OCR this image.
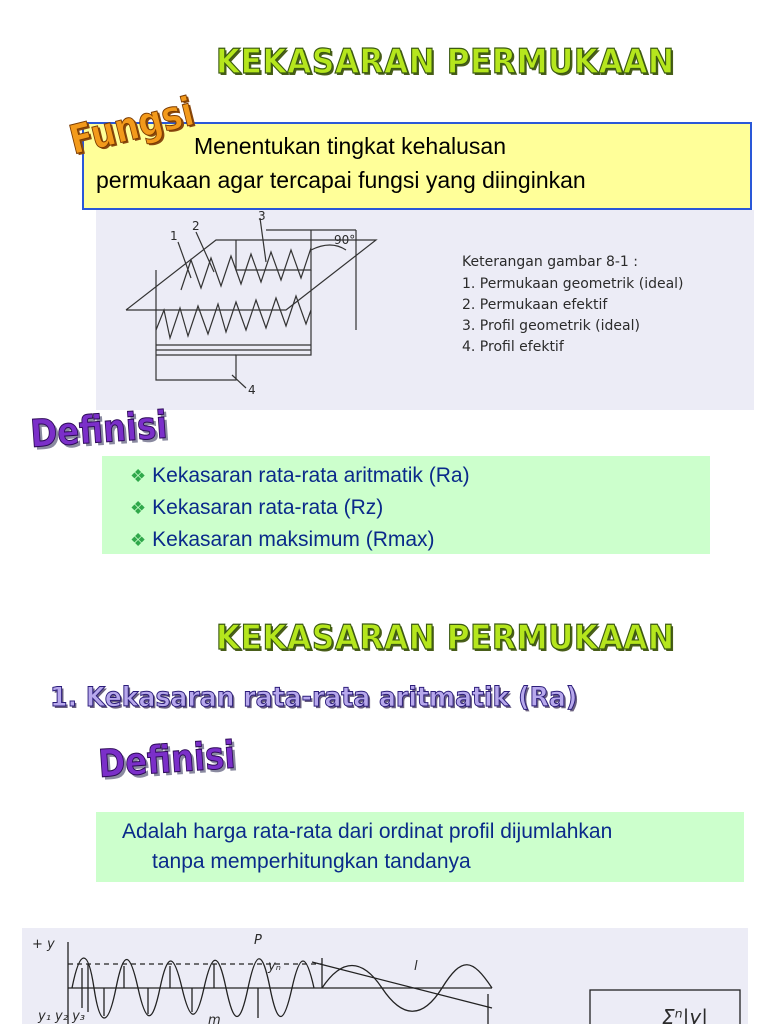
KEKASARAN PERMUKAAN
Menentukan tingkat kehalusan
permukaan agar tercapai fungsi yang diinginkan
Fungsi
1
2
3
4
90°
Keterangan gambar 8-1 :
1. Permukaan geometrik (ideal)
2. Permukaan efektif
3. Profil geometrik (ideal)
4. Profil efektif
Definisi
❖ Kekasaran rata-rata aritmatik (Ra)
❖ Kekasaran rata-rata (Rz)
❖ Kekasaran maksimum (Rmax)
KEKASARAN PERMUKAAN
1. Kekasaran rata-rata aritmatik (Ra)
Definisi
Adalah harga rata-rata dari ordinat profil dijumlahkan
tanpa memperhitungkan tandanya
+ y	P
l
m
y₁ y₂ y₃
yₙ
Σⁿ|y|
